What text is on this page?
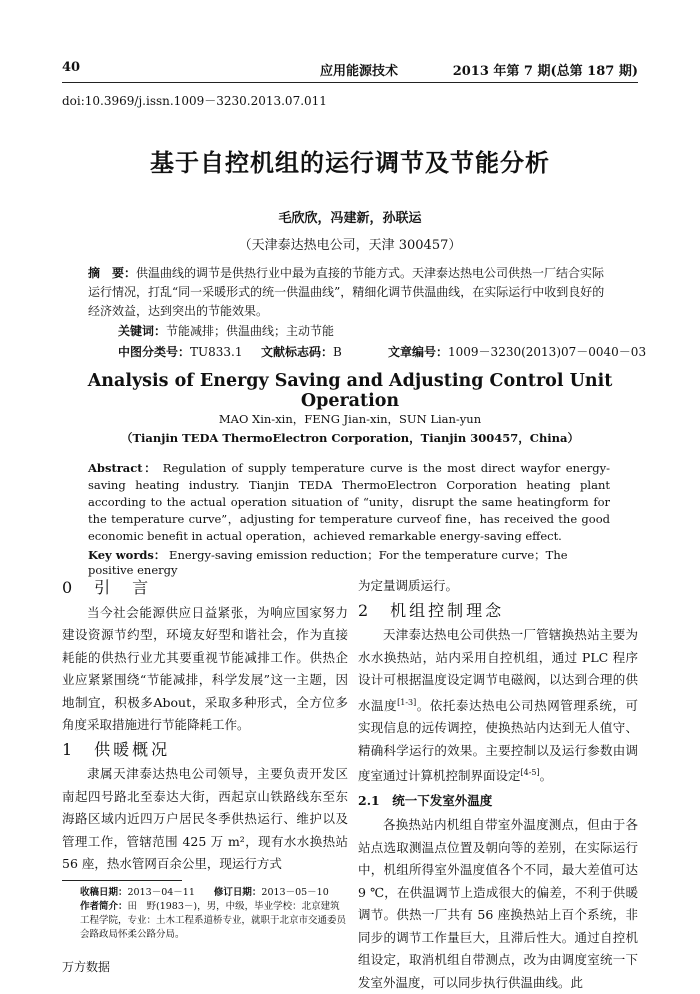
40	应用能源技术	2013 年第 7 期(总第 187 期)
doi:10.3969/j.issn.1009－3230.2013.07.011
基于自控机组的运行调节及节能分析
毛欣欣，冯建新，孙联运
（天津泰达热电公司，天津 300457）
摘　要：供温曲线的调节是供热行业中最为直接的节能方式。天津泰达热电公司供热一厂结合实际运行情况，打乱“同一采暖形式的统一供温曲线”，精细化调节供温曲线，在实际运行中收到良好的经济效益，达到突出的节能效果。
关键词：节能减排；供温曲线；主动节能
中图分类号：TU833.1 文献标志码：B	文章编号：1009－3230(2013)07－0040－03
Analysis of Energy Saving and Adjusting Control Unit Operation
MAO Xin-xin，FENG Jian-xin，SUN Lian-yun
（Tianjin TEDA ThermoElectron Corporation，Tianjin 300457，China）
Abstract： Regulation of supply temperature curve is the most direct wayfor energy-saving heating industry. Tianjin TEDA ThermoElectron Corporation heating plant according to the actual operation situation of “unity，disrupt the same heatingform for the temperature curve”，adjusting for temperature curveof fine，has received the good economic benefit in actual operation，achieved remarkable energy-saving effect.
Key words： Energy-saving emission reduction；For the temperature curve；The positive energy
0　引　言
当今社会能源供应日益紧张，为响应国家努力建设资源节约型，环境友好型和谐社会，作为直接耗能的供热行业尤其要重视节能减排工作。供热企业应紧紧围绕“节能减排，科学发展”这一主题，因地制宜，积极多About，采取多种形式，全方位多角度采取措施进行节能降耗工作。
1　供暖概况
隶属天津泰达热电公司领导，主要负责开发区南起四号路北至泰达大街，西起京山铁路线东至东海路区域内近四万户居民冬季供热运行、维护以及管理工作，管辖范围 425 万 m²，现有水水换热站 56 座，热水管网百余公里，现运行方式
为定量调质运行。
2　机组控制理念
天津泰达热电公司供热一厂管辖换热站主要为水水换热站，站内采用自控机组，通过 PLC 程序设计可根据温度设定调节电磁阀，以达到合理的供水温度[1-3]。依托泰达热电公司热网管理系统，可实现信息的远传调控，使换热站内达到无人值守、精确科学运行的效果。主要控制以及运行参数由调度室通过计算机控制界面设定[4-5]。
2.1　统一下发室外温度
各换热站内机组自带室外温度测点，但由于各站点选取测温点位置及朝向等的差别，在实际运行中，机组所得室外温度值各个不同，最大差值可达 9 ℃，在供温调节上造成很大的偏差，不利于供暖调节。供热一厂共有 56 座换热站上百个系统，非同步的调节工作量巨大，且滞后性大。通过自控机组设定，取消机组自带测点，改为由调度室统一下发室外温度，可以同步执行供温曲线。此
收稿日期：2013－04－11　　 修订日期：2013－05－10
作者简介：田　野(1983－)，男，中级，毕业学校：北京建筑工程学院，专业：土木工程系道桥专业，就职于北京市交通委员会路政局怀柔公路分局。
万方数据
